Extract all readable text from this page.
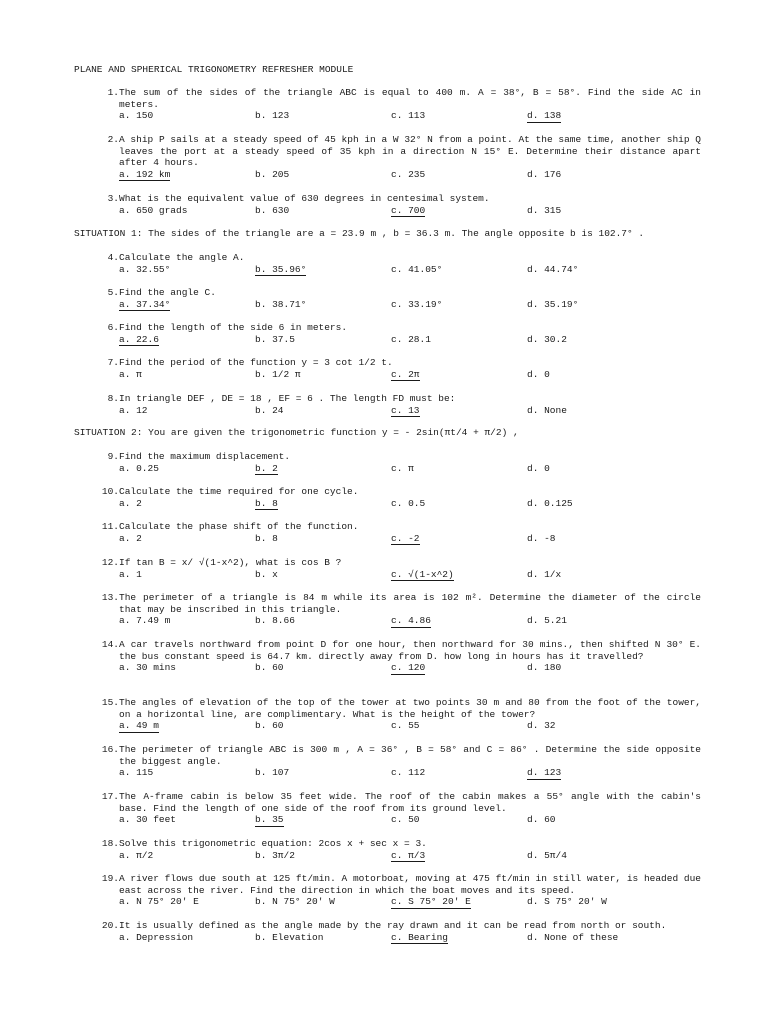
PLANE AND SPHERICAL TRIGONOMETRY REFRESHER MODULE
SITUATION 1: The sides of the triangle are a = 23.9 m , b = 36.3 m. The angle opposite b is 102.7° .
SITUATION 2: You are given the trigonometric function y = - 2sin(πt/4 + π/2) ,
1. The sum of the sides of the triangle ABC is equal to 400 m. A = 38°, B = 58°. Find the side AC in meters.
a. 150	b. 123	c. 113	d. 138
2. A ship P sails at a steady speed of 45 kph in a W 32° N from a point. At the same time, another ship Q leaves the port at a steady speed of 35 kph in a direction N 15° E. Determine their distance apart after 4 hours.
a. 192 km	b. 205	c. 235	d. 176
3. What is the equivalent value of 630 degrees in centesimal system.
a. 650 grads	b. 630	c. 700	d. 315
4. Calculate the angle A.
a. 32.55°	b. 35.96°	c. 41.05°	d. 44.74°
5. Find the angle C.
a. 37.34°	b. 38.71°	c. 33.19°	d. 35.19°
6. Find the length of the side 6 in meters.
a. 22.6	b. 37.5	c. 28.1	d. 30.2
7. Find the period of the function y = 3 cot 1/2 t.
a. π	b. 1/2 π	c. 2π	d. 0
8. In triangle DEF , DE = 18 , EF = 6 . The length FD must be:
a. 12	b. 24	c. 13	d. None
9. Find the maximum displacement.
a. 0.25	b. 2	c. π	d. 0
10. Calculate the time required for one cycle.
a. 2	b. 8	c. 0.5	d. 0.125
11. Calculate the phase shift of the function.
a. 2	b. 8	c. -2	d. -8
12. If tan B = x/ √(1-x^2), what is cos B ?
a. 1	b. x	c. √(1-x^2)	d. 1/x
13. The perimeter of a triangle is 84 m while its area is 102 m². Determine the diameter of the circle that may be inscribed in this triangle.
a. 7.49 m	b. 8.66	c. 4.86	d. 5.21
14. A car travels northward from point D for one hour, then northward for 30 mins., then shifted N 30° E. the bus constant speed is 64.7 km. directly away from D. how long in hours has it travelled?
a. 30 mins	b. 60	c. 120	d. 180
15. The angles of elevation of the top of the tower at two points 30 m and 80 from the foot of the tower, on a horizontal line, are complimentary. What is the height of the tower?
a. 49 m	b. 60	c. 55	d. 32
16. The perimeter of triangle ABC is 300 m , A = 36° , B = 58° and C = 86° . Determine the side opposite the biggest angle.
a. 115	b. 107	c. 112	d. 123
17. The A-frame cabin is below 35 feet wide. The roof of the cabin makes a 55° angle with the cabin's base. Find the length of one side of the roof from its ground level.
a. 30 feet	b. 35	c. 50	d. 60
18. Solve this trigonometric equation: 2cos x + sec x = 3.
a. π/2	b. 3π/2	c. π/3	d. 5π/4
19. A river flows due south at 125 ft/min. A motorboat, moving at 475 ft/min in still water, is headed due east across the river. Find the direction in which the boat moves and its speed.
a. N 75° 20' E	b. N 75° 20' W	c. S 75° 20' E	d. S 75° 20' W
20. It is usually defined as the angle made by the ray drawn and it can be read from north or south.
a. Depression	b. Elevation	c. Bearing	d. None of these
